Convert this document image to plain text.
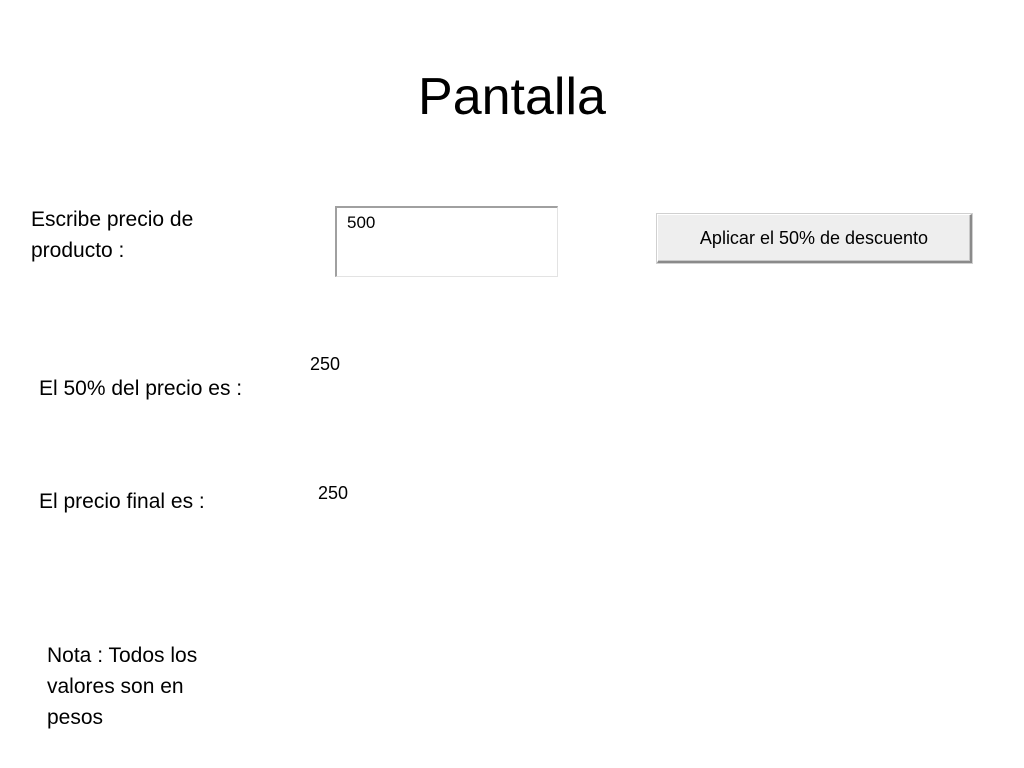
Pantalla
Escribe precio de producto :
500
Aplicar el 50% de descuento
El 50% del precio es :
250
El precio final es :	250
Nota : Todos los valores son en pesos
